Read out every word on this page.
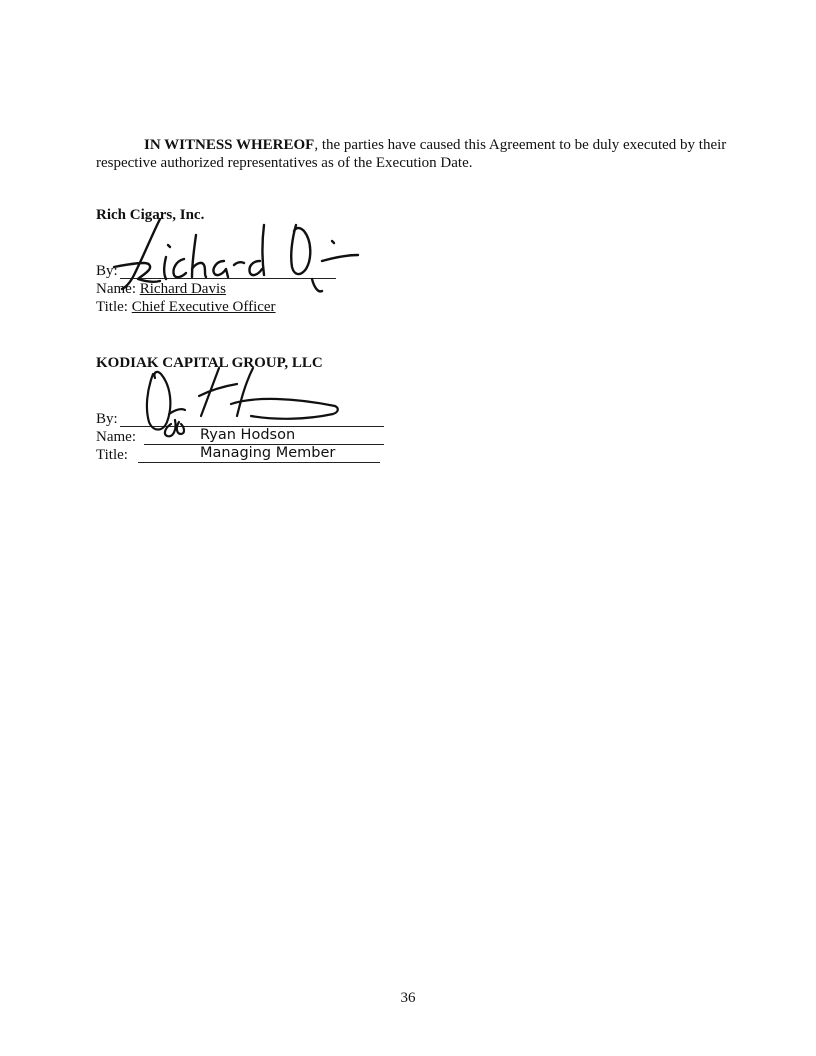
IN WITNESS WHEREOF, the parties have caused this Agreement to be duly executed by their respective authorized representatives as of the Execution Date.

Rich Cigars, Inc.
By:
Name: Richard Davis
Title: Chief Executive Officer
KODIAK CAPITAL GROUP, LLC
By:
Name:	Ryan Hodson
Title:	Managing Member
36
